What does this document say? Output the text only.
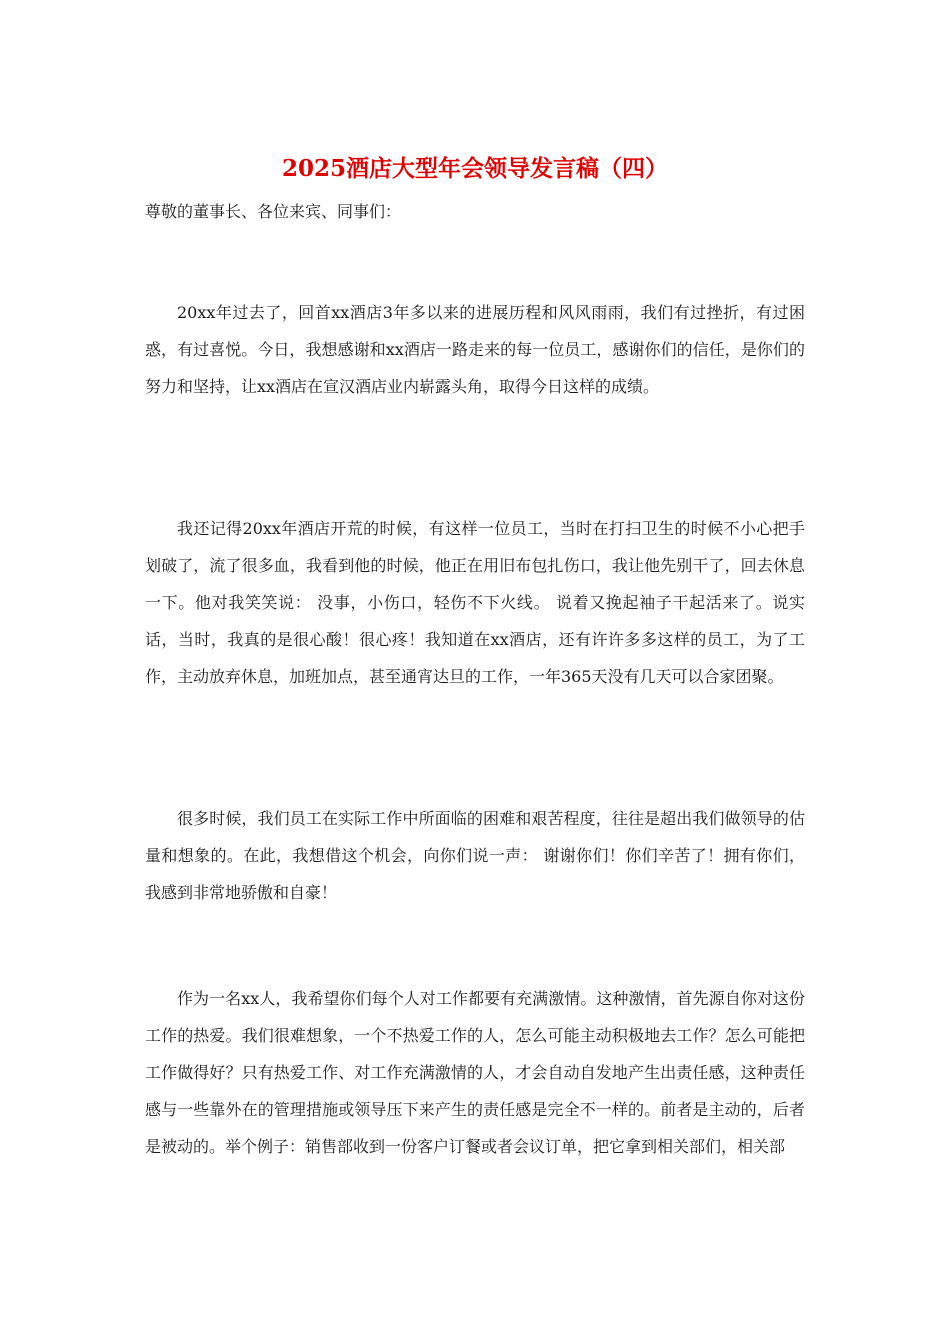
2025酒店大型年会领导发言稿（四）

尊敬的董事长、各位来宾、同事们：

20xx年过去了，回首xx酒店3年多以来的进展历程和风风雨雨，我们有过挫折，有过困惑，有过喜悦。今日，我想感谢和xx酒店一路走来的每一位员工，感谢你们的信任，是你们的努力和坚持，让xx酒店在宣汉酒店业内崭露头角，取得今日这样的成绩。

我还记得20xx年酒店开荒的时候，有这样一位员工，当时在打扫卫生的时候不小心把手划破了，流了很多血，我看到他的时候，他正在用旧布包扎伤口，我让他先别干了，回去休息一下。他对我笑笑说： 没事，小伤口，轻伤不下火线。 说着又挽起袖子干起活来了。说实话，当时，我真的是很心酸！很心疼！我知道在xx酒店，还有许许多多这样的员工，为了工作，主动放弃休息，加班加点，甚至通宵达旦的工作，一年365天没有几天可以合家团聚。

很多时候，我们员工在实际工作中所面临的困难和艰苦程度，往往是超出我们做领导的估量和想象的。在此，我想借这个机会，向你们说一声： 谢谢你们！你们辛苦了！拥有你们，我感到非常地骄傲和自豪！

作为一名xx人，我希望你们每个人对工作都要有充满激情。这种激情，首先源自你对这份工作的热爱。我们很难想象，一个不热爱工作的人，怎么可能主动积极地去工作？怎么可能把工作做得好？只有热爱工作、对工作充满激情的人，才会自动自发地产生出责任感，这种责任感与一些靠外在的管理措施或领导压下来产生的责任感是完全不一样的。前者是主动的，后者是被动的。举个例子：销售部收到一份客户订餐或者会议订单，把它拿到相关部们，相关部
